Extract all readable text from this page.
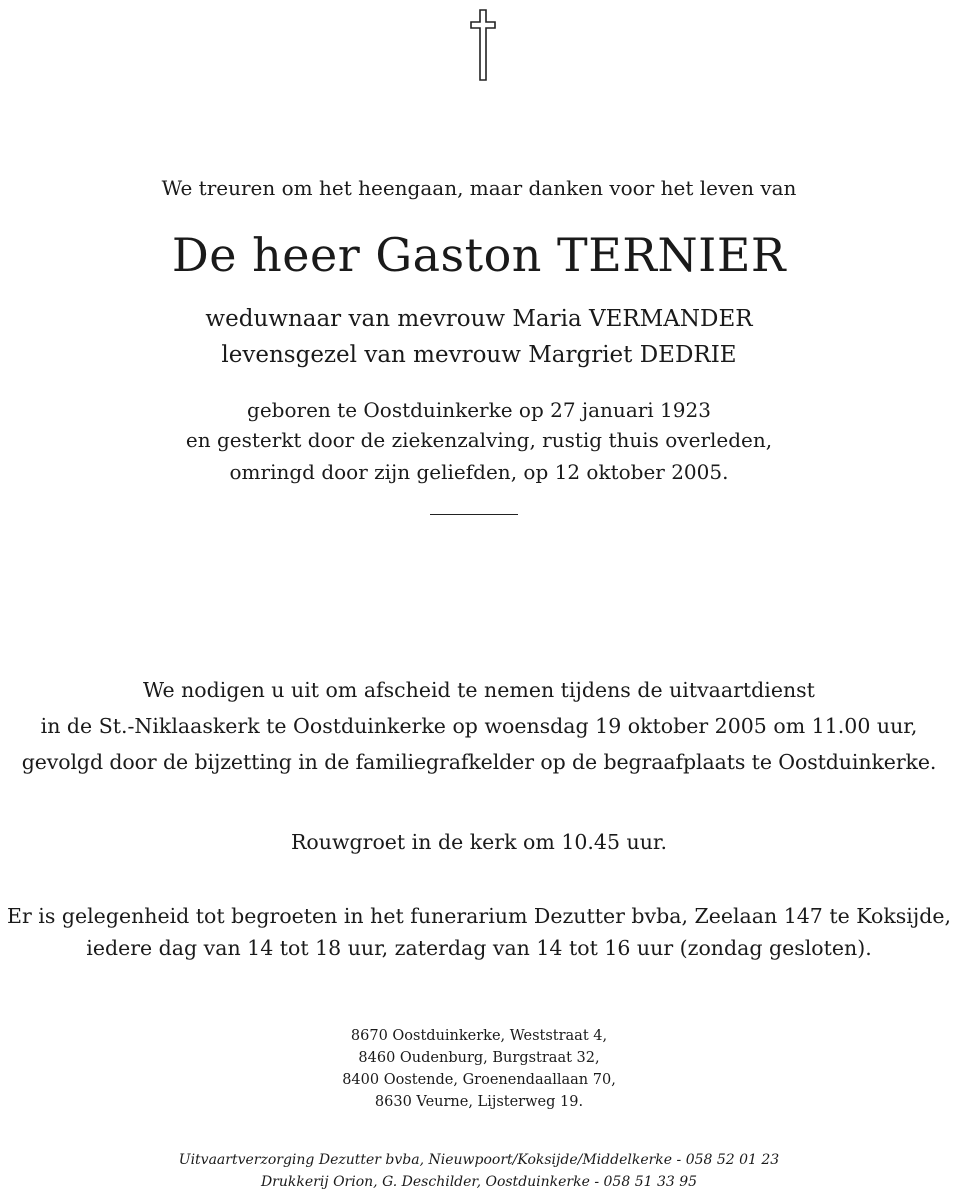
We treuren om het heengaan, maar danken voor het leven van
De heer Gaston TERNIER
weduwnaar van mevrouw Maria VERMANDER
levensgezel van mevrouw Margriet DEDRIE
geboren te Oostduinkerke op 27 januari 1923
en gesterkt door de ziekenzalving, rustig thuis overleden,
omringd door zijn geliefden, op 12 oktober 2005.
We nodigen u uit om afscheid te nemen tijdens de uitvaartdienst
in de St.-Niklaaskerk te Oostduinkerke op woensdag 19 oktober 2005 om 11.00 uur,
gevolgd door de bijzetting in de familiegrafkelder op de begraafplaats te Oostduinkerke.
Rouwgroet in de kerk om 10.45 uur.
Er is gelegenheid tot begroeten in het funerarium Dezutter bvba, Zeelaan 147 te Koksijde,
iedere dag van 14 tot 18 uur, zaterdag van 14 tot 16 uur (zondag gesloten).
8670 Oostduinkerke, Weststraat 4,
8460 Oudenburg, Burgstraat 32,
8400 Oostende, Groenendaallaan 70,
8630 Veurne, Lijsterweg 19.
Uitvaartverzorging Dezutter bvba, Nieuwpoort/Koksijde/Middelkerke - 058 52 01 23
Drukkerij Orion, G. Deschilder, Oostduinkerke - 058 51 33 95
